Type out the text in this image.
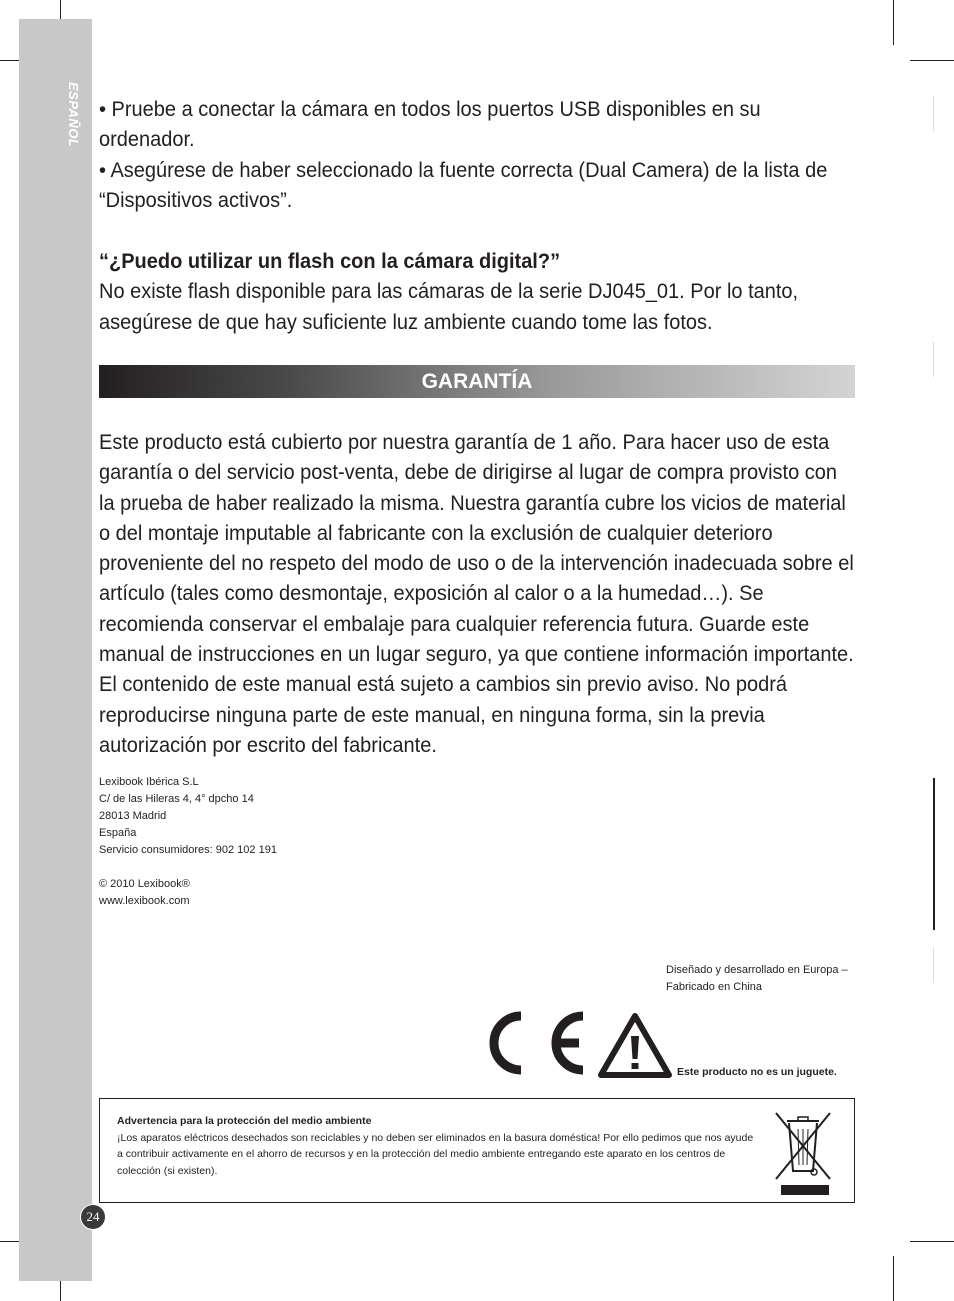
ESPAÑOL
24

• Pruebe a conectar la cámara en todos los puertos USB disponibles en su ordenador.

• Asegúrese de haber seleccionado la fuente correcta (Dual Camera) de la lista de “Dispositivos activos”.

“¿Puedo utilizar un flash con la cámara digital?”

No existe flash disponible para las cámaras de la serie DJ045_01. Por lo tanto, asegúrese de que hay suficiente luz ambiente cuando tome las fotos.

GARANTÍA

Este producto está cubierto por nuestra garantía de 1 año. Para hacer uso de esta garantía o del servicio post-venta, debe de dirigirse al lugar de compra provisto con la prueba de haber realizado la misma. Nuestra garantía cubre los vicios de material o del montaje imputable al fabricante con la exclusión de cualquier deterioro proveniente del no respeto del modo de uso o de la intervención inadecuada sobre el artículo (tales como desmontaje, exposición al calor o a la humedad…). Se recomienda conservar el embalaje para cualquier referencia futura. Guarde este manual de instrucciones en un lugar seguro, ya que contiene información importante. El contenido de este manual está sujeto a cambios sin previo aviso. No podrá reproducirse ninguna parte de este manual, en ninguna forma, sin la previa autorización por escrito del fabricante.

Lexibook Ibérica S.L

C/ de las Hileras 4, 4° dpcho 14

28013 Madrid

España

Servicio consumidores: 902 102 191

© 2010 Lexibook®

www.lexibook.com

Diseñado y desarrollado en Europa –

Fabricado en China

Este producto no es un juguete.
Advertencia para la protección del medio ambiente
¡Los aparatos eléctricos desechados son reciclables y no deben ser eliminados en la basura doméstica! Por ello pedimos que nos ayude a contribuir activamente en el ahorro de recursos y en la protección del medio ambiente entregando este aparato en los centros de colección (si existen).
